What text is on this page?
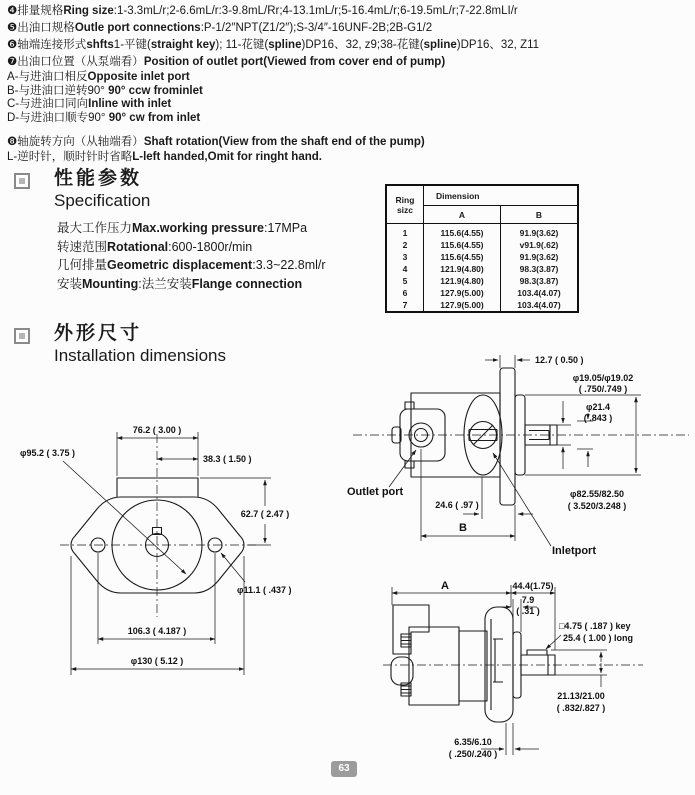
❹排量规格Ring size:1-3.3mL/r;2-6.6mL/r:3-9.8mL/Rr;4-13.1mL/r;5-16.4mL/r;6-19.5mL/r;7-22.8mLI/r
❺出油口规格Outle port connections:P-1/2″NPT(Z1/2″);S-3/4″-16UNF-2B;2B-G1/2
❻轴端连接形式shfts1-平键(straight key); 11-花键(spline)DP16、32, z9;38-花键(spline)DP16、32, Z11
❼出油口位置（从泵端看）Position of outlet port(Viewed from cover end of pump)
A-与进油口相反Opposite inlet port
B-与进油口逆转90° 90° ccw frominlet
C-与进油口同向Inline with inlet
D-与进油口顺专90° 90° cw from inlet
❽轴旋转方向（从轴端看）Shaft rotation(View from the shaft end of the pump)
L-逆时针，顺时针时省略L-left handed,Omit for ringht hand.
性能参数
Specification
最大工作压力Max.working pressure:17MPa
转速范围Rotational:600-1800r/min
几何排量Geometric displacement:3.3~22.8ml/r
安装Mounting:法兰安装Flange connection
Ring sizc	Dimension	
	A	B
1	115.6(4.55)	91.9(3.62)
2	115.6(4.55)	v91.9(.62)
3	115.6(4.55)	91.9(3.62)
4	121.9(4.80)	98.3(3.87)
5	121.9(4.80)	98.3(3.87)
6	127.9(5.00)	103.4(4.07)
7	127.9(5.00)	103.4(4.07)
外形尺寸
Installation dimensions
76.2 ( 3.00 )
φ95.2 ( 3.75 )
38.3 ( 1.50 )
62.7 ( 2.47 )
φ11.1 ( .437 )
106.3 ( 4.187 )
φ130 ( 5.12 )
12.7 ( 0.50 )
φ19.05/φ19.02
( .750/.749 )
φ21.4
( .843 )
Outlet port
24.6 ( .97 )
B
φ82.55/82.50
( 3.520/3.248 )
Inletport
A	44.4(1.75)
7.9
( .31 )
□4.75 ( .187 ) key
25.4 ( 1.00 ) long
21.13/21.00
( .832/.827 )
6.35/6.10
( .250/.240 )
63
